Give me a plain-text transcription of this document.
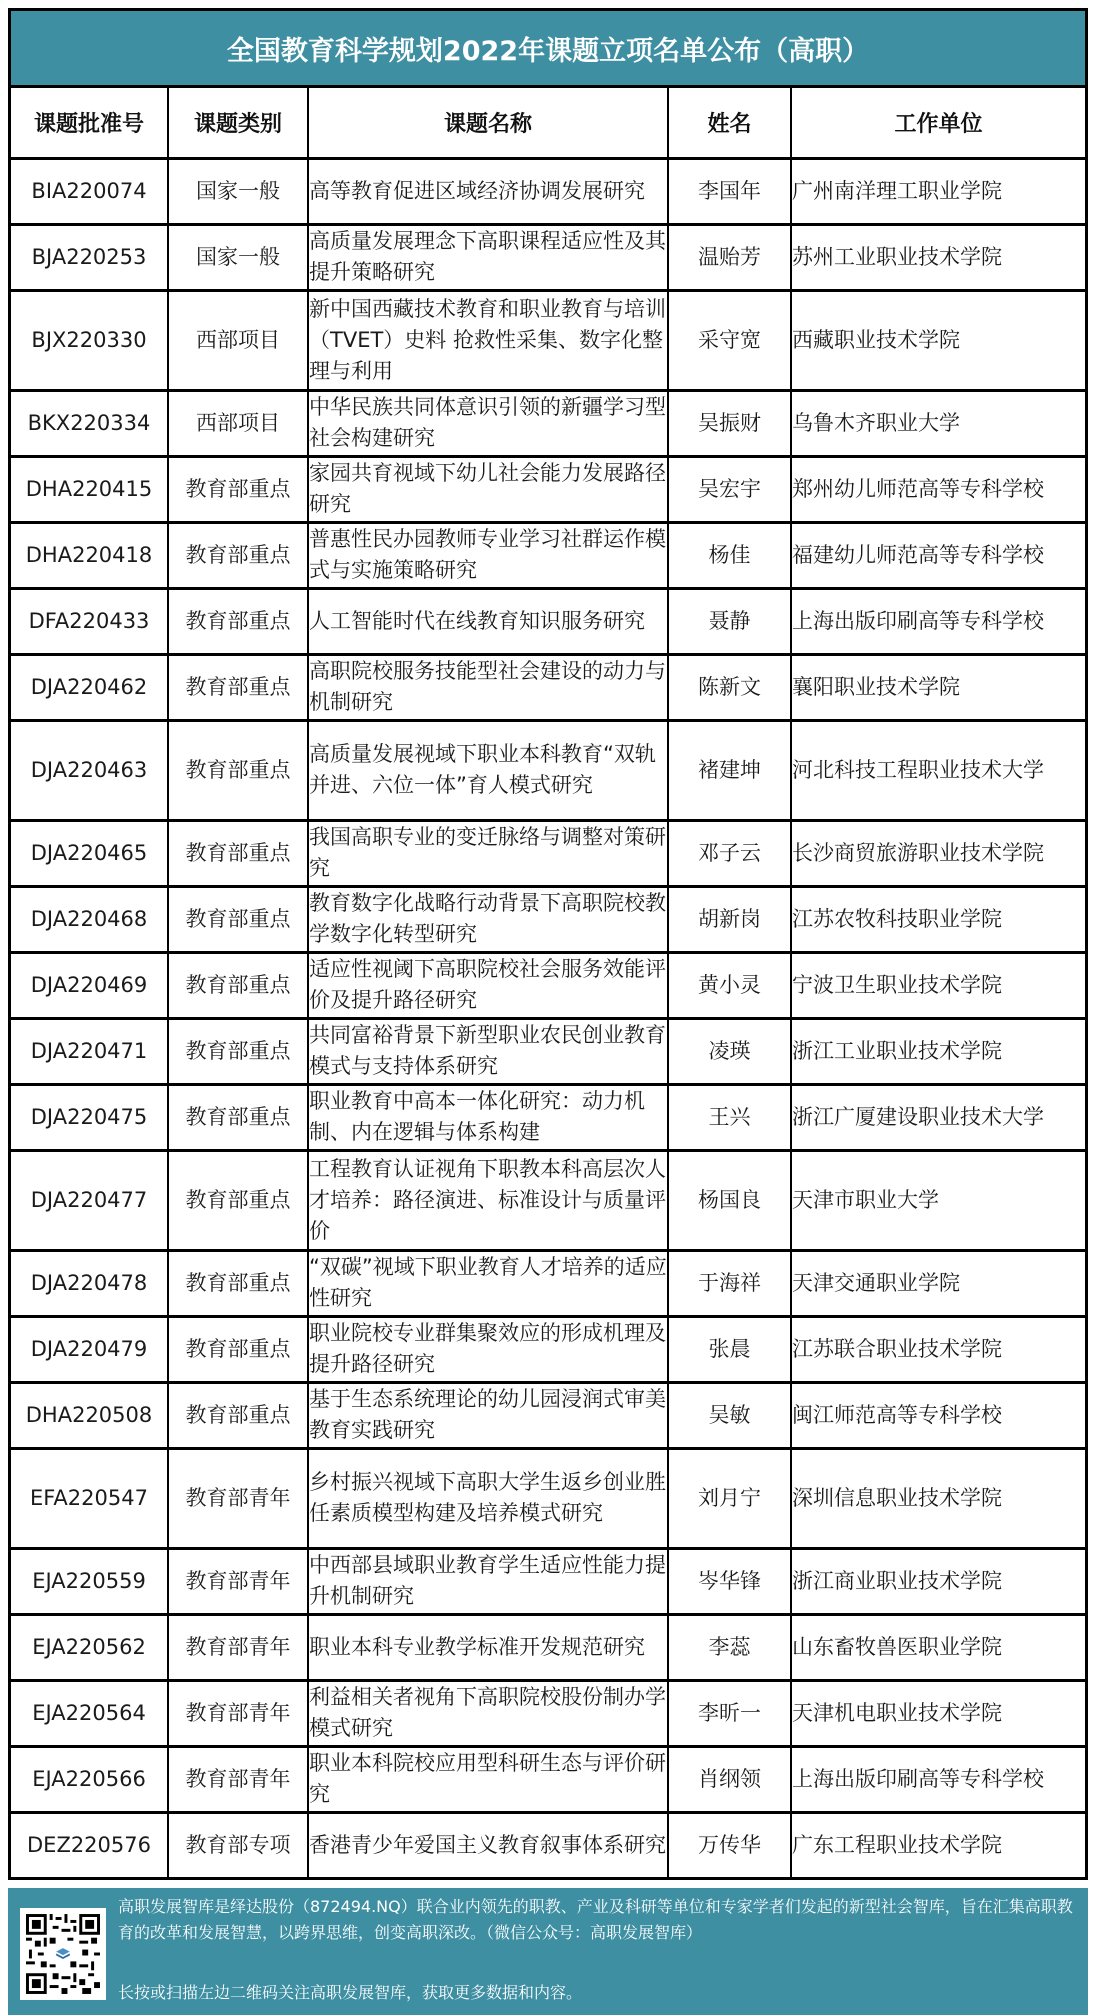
全国教育科学规划2022年课题立项名单公布（高职）
课题批准号	课题类别	课题名称	姓名	工作单位
BIA220074	国家一般	高等教育促进区域经济协调发展研究	李国年	广州南洋理工职业学院
BJA220253	国家一般	高质量发展理念下高职课程适应性及其提升策略研究	温贻芳	苏州工业职业技术学院
BJX220330	西部项目	新中国西藏技术教育和职业教育与培训（TVET）史料 抢救性采集、数字化整理与利用	采守宽	西藏职业技术学院
BKX220334	西部项目	中华民族共同体意识引领的新疆学习型社会构建研究	吴振财	乌鲁木齐职业大学
DHA220415	教育部重点	家园共育视域下幼儿社会能力发展路径研究	吴宏宇	郑州幼儿师范高等专科学校
DHA220418	教育部重点	普惠性民办园教师专业学习社群运作模式与实施策略研究	杨佳	福建幼儿师范高等专科学校
DFA220433	教育部重点	人工智能时代在线教育知识服务研究	聂静	上海出版印刷高等专科学校
DJA220462	教育部重点	高职院校服务技能型社会建设的动力与机制研究	陈新文	襄阳职业技术学院
DJA220463	教育部重点	高质量发展视域下职业本科教育“双轨并进、六位一体”育人模式研究	褚建坤	河北科技工程职业技术大学
DJA220465	教育部重点	我国高职专业的变迁脉络与调整对策研究	邓子云	长沙商贸旅游职业技术学院
DJA220468	教育部重点	教育数字化战略行动背景下高职院校教学数字化转型研究	胡新岗	江苏农牧科技职业学院
DJA220469	教育部重点	适应性视阈下高职院校社会服务效能评价及提升路径研究	黄小灵	宁波卫生职业技术学院
DJA220471	教育部重点	共同富裕背景下新型职业农民创业教育模式与支持体系研究	凌瑛	浙江工业职业技术学院
DJA220475	教育部重点	职业教育中高本一体化研究：动力机制、内在逻辑与体系构建	王兴	浙江广厦建设职业技术大学
DJA220477	教育部重点	工程教育认证视角下职教本科高层次人才培养：路径演进、标准设计与质量评价	杨国良	天津市职业大学
DJA220478	教育部重点	“双碳”视域下职业教育人才培养的适应性研究	于海祥	天津交通职业学院
DJA220479	教育部重点	职业院校专业群集聚效应的形成机理及提升路径研究	张晨	江苏联合职业技术学院
DHA220508	教育部重点	基于生态系统理论的幼儿园浸润式审美教育实践研究	吴敏	闽江师范高等专科学校
EFA220547	教育部青年	乡村振兴视域下高职大学生返乡创业胜任素质模型构建及培养模式研究	刘月宁	深圳信息职业技术学院
EJA220559	教育部青年	中西部县域职业教育学生适应性能力提升机制研究	岑华锋	浙江商业职业技术学院
EJA220562	教育部青年	职业本科专业教学标准开发规范研究	李蕊	山东畜牧兽医职业学院
EJA220564	教育部青年	利益相关者视角下高职院校股份制办学模式研究	李昕一	天津机电职业技术学院
EJA220566	教育部青年	职业本科院校应用型科研生态与评价研究	肖纲领	上海出版印刷高等专科学校
DEZ220576	教育部专项	香港青少年爱国主义教育叙事体系研究	万传华	广东工程职业技术学院

高职发展智库是绎达股份（872494.NQ）联合业内领先的职教、产业及科研等单位和专家学者们发起的新型社会智库，旨在汇集高职教育的改革和发展智慧，以跨界思维，创变高职深改。（微信公众号：高职发展智库）

长按或扫描左边二维码关注高职发展智库，获取更多数据和内容。
